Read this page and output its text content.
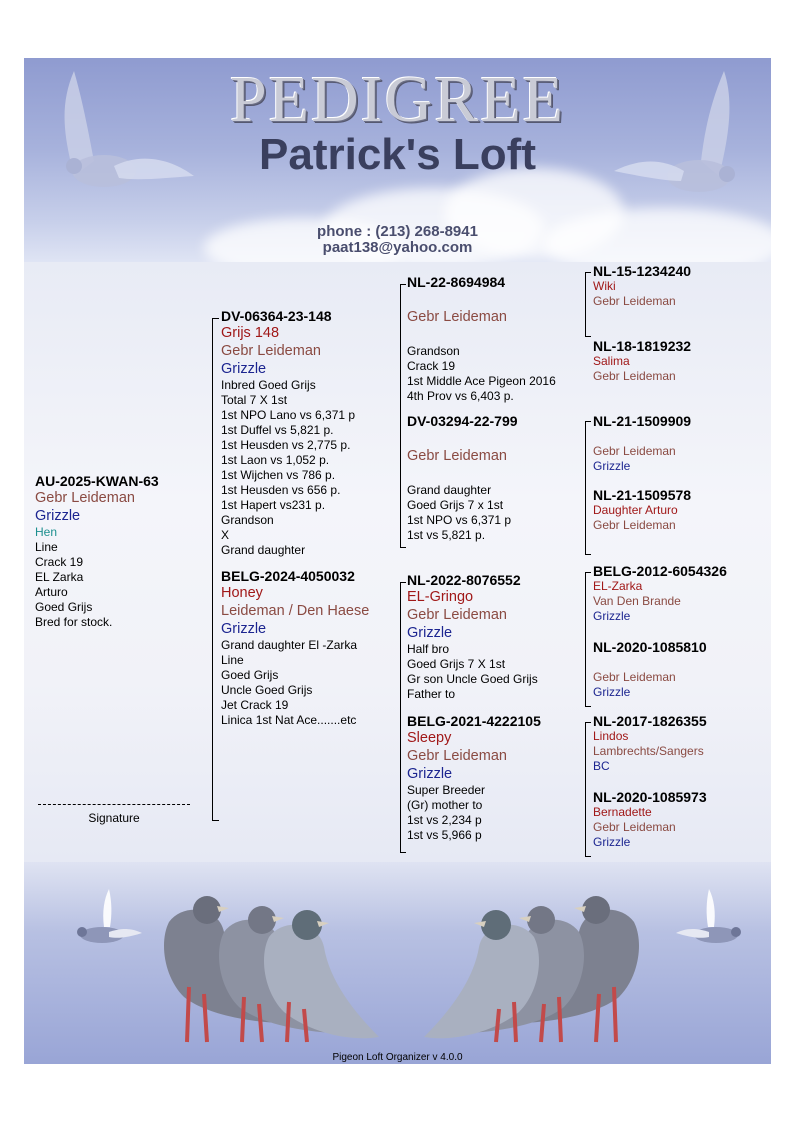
PEDIGREE
Patrick's Loft
phone : (213) 268-8941
paat138@yahoo.com
Pigeon Loft Organizer v 4.0.0
AU-2025-KWAN-63
Gebr Leideman
Grizzle
Hen
Line
Crack 19
EL Zarka
Arturo
Goed Grijs
Bred for stock.
DV-06364-23-148
Grijs 148
Gebr Leideman
Grizzle
Inbred Goed Grijs
Total 7 X 1st
1st NPO Lano vs 6,371 p
1st Duffel vs 5,821 p.
1st Heusden vs 2,775 p.
1st Laon vs 1,052 p.
1st Wijchen vs 786 p.
1st Heusden vs 656 p.
1st Hapert vs231 p.
Grandson
X
Grand daughter
BELG-2024-4050032
Honey
Leideman / Den Haese
Grizzle
Grand daughter El -Zarka
Line
Goed Grijs
Uncle Goed Grijs
Jet Crack 19
Linica 1st Nat Ace.......etc
NL-22-8694984
Gebr Leideman
Grandson
Crack 19
1st Middle Ace Pigeon 2016
4th Prov vs 6,403 p.
DV-03294-22-799
Gebr Leideman
Grand daughter
Goed Grijs 7 x 1st
1st NPO vs 6,371 p
1st vs 5,821 p.
NL-2022-8076552
EL-Gringo
Gebr Leideman
Grizzle
Half bro
Goed Grijs 7 X 1st
Gr son Uncle Goed Grijs
Father to
BELG-2021-4222105
Sleepy
Gebr Leideman
Grizzle
Super Breeder
(Gr) mother to
1st vs 2,234 p
1st vs 5,966 p
NL-15-1234240
Wiki
Gebr Leideman
NL-18-1819232
Salima
Gebr Leideman
NL-21-1509909
Gebr Leideman
Grizzle
NL-21-1509578
Daughter Arturo
Gebr Leideman
BELG-2012-6054326
EL-Zarka
Van Den Brande
Grizzle
NL-2020-1085810
Gebr Leideman
Grizzle
NL-2017-1826355
Lindos
Lambrechts/Sangers
BC
NL-2020-1085973
Bernadette
Gebr Leideman
Grizzle
Signature
